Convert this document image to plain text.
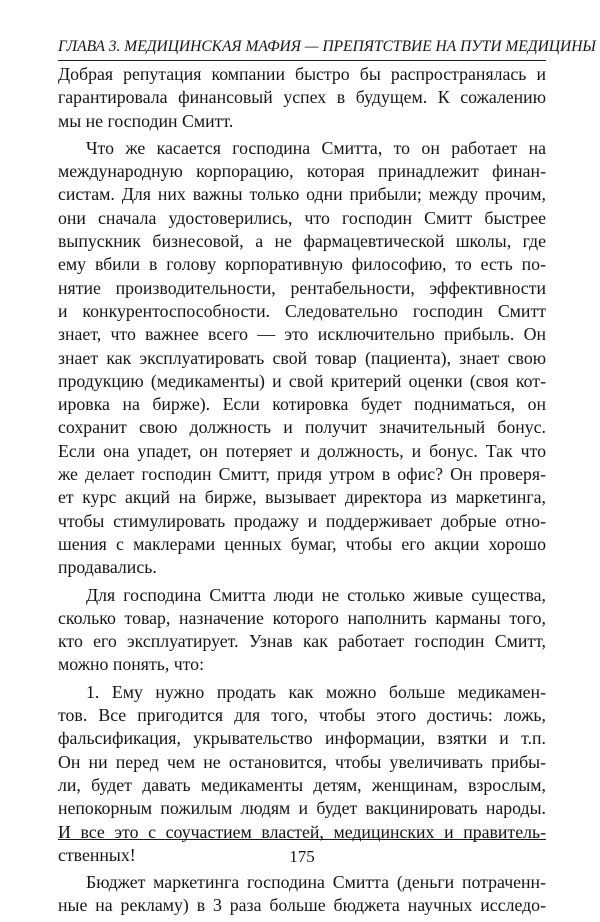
ГЛАВА 3. МЕДИЦИНСКАЯ МАФИЯ — ПРЕПЯТСТВИЕ НА ПУТИ МЕДИЦИНЫ
Добрая репутация компании быстро бы распространялась и
гарантировала финансовый успех в будущем. К сожалению
мы не господин Смитт.
Что же касается господина Смитта, то он работает на
международную корпорацию, которая принадлежит финан-
систам. Для них важны только одни прибыли; между прочим,
они сначала удостоверились, что господин Смитт быстрее
выпускник бизнесовой, а не фармацевтической школы, где
ему вбили в голову корпоративную философию, то есть по-
нятие производительности, рентабельности, эффективности
и конкурентоспособности. Следовательно господин Смитт
знает, что важнее всего — это исключительно прибыль. Он
знает как эксплуатировать свой товар (пациента), знает свою
продукцию (медикаменты) и свой критерий оценки (своя кот-
ировка на бирже). Если котировка будет подниматься, он
сохранит свою должность и получит значительный бонус.
Если она упадет, он потеряет и должность, и бонус. Так что
же делает господин Смитт, придя утром в офис? Он проверя-
ет курс акций на бирже, вызывает директора из маркетинга,
чтобы стимулировать продажу и поддерживает добрые отно-
шения с маклерами ценных бумаг, чтобы его акции хорошо
продавались.
Для господина Смитта люди не столько живые существа,
сколько товар, назначение которого наполнить карманы того,
кто его эксплуатирует. Узнав как работает господин Смитт,
можно понять, что:
1. Ему нужно продать как можно больше медикамен-
тов. Все пригодится для того, чтобы этого достичь: ложь,
фальсификация, укрывательство информации, взятки и т.п.
Он ни перед чем не остановится, чтобы увеличивать прибы-
ли, будет давать медикаменты детям, женщинам, взрослым,
непокорным пожилым людям и будет вакцинировать народы.
И все это с соучастием властей, медицинских и правитель-
ственных!
Бюджет маркетинга господина Смитта (деньги потраченн-
ные на рекламу) в 3 раза больше бюджета научных исследо-
175
